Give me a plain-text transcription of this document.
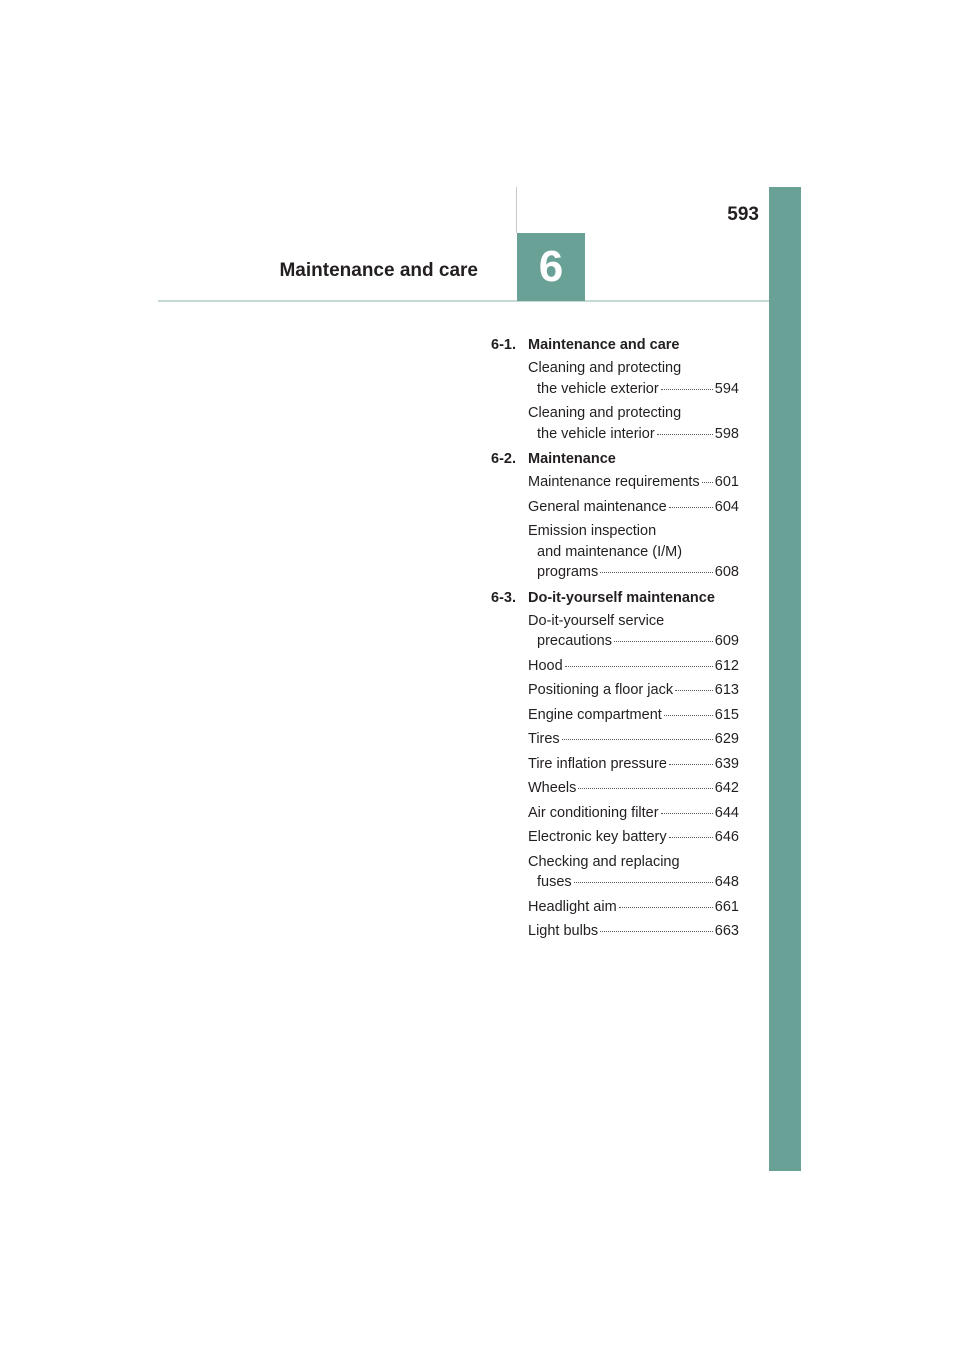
593
Maintenance and care	6
6-1. Maintenance and care
Cleaning and protecting
the vehicle exterior	594
Cleaning and protecting
the vehicle interior	598
6-2. Maintenance
Maintenance requirements 601
General maintenance	604
Emission inspection
and maintenance (I/M)
programs	608
6-3. Do-it-yourself maintenance
Do-it-yourself service
precautions	609
Hood	612
Positioning a floor jack	613
Engine compartment	615
Tires	629
Tire inflation pressure	639
Wheels	642
Air conditioning filter	644
Electronic key battery	646
Checking and replacing
fuses	648
Headlight aim	661
Light bulbs	663
